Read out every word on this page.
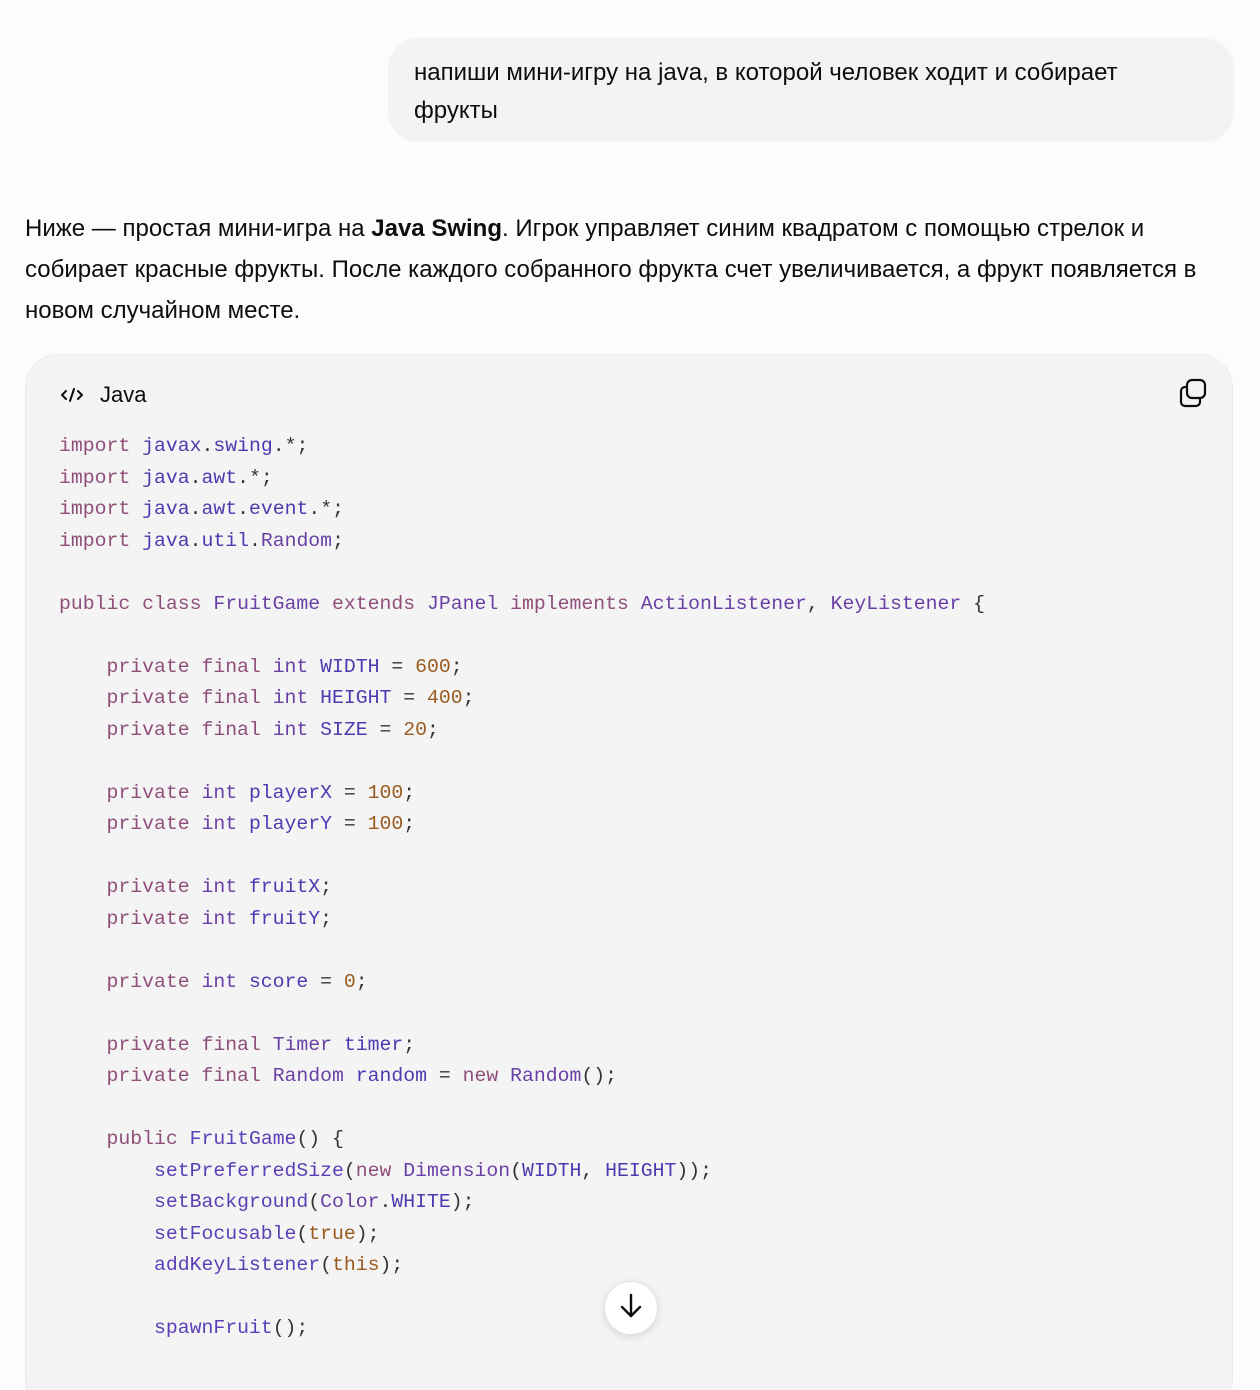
напиши мини-игру на java, в которой человек ходит и собирает
фрукты
Ниже — простая мини-игра на Java Swing. Игрок управляет синим квадратом с помощью стрелок и собирает красные фрукты. После каждого собранного фрукта счет увеличивается, а фрукт появляется в новом случайном месте.
Java
import javax.swing.*;
import java.awt.*;
import java.awt.event.*;
import java.util.Random;

public class FruitGame extends JPanel implements ActionListener, KeyListener {

private final int WIDTH = 600;
private final int HEIGHT = 400;
private final int SIZE = 20;

private int playerX = 100;
private int playerY = 100;

private int fruitX;
private int fruitY;

private int score = 0;

private final Timer timer;
private final Random random = new Random();

public FruitGame() {
setPreferredSize(new Dimension(WIDTH, HEIGHT));
setBackground(Color.WHITE);
setFocusable(true);
addKeyListener(this);

spawnFruit();
